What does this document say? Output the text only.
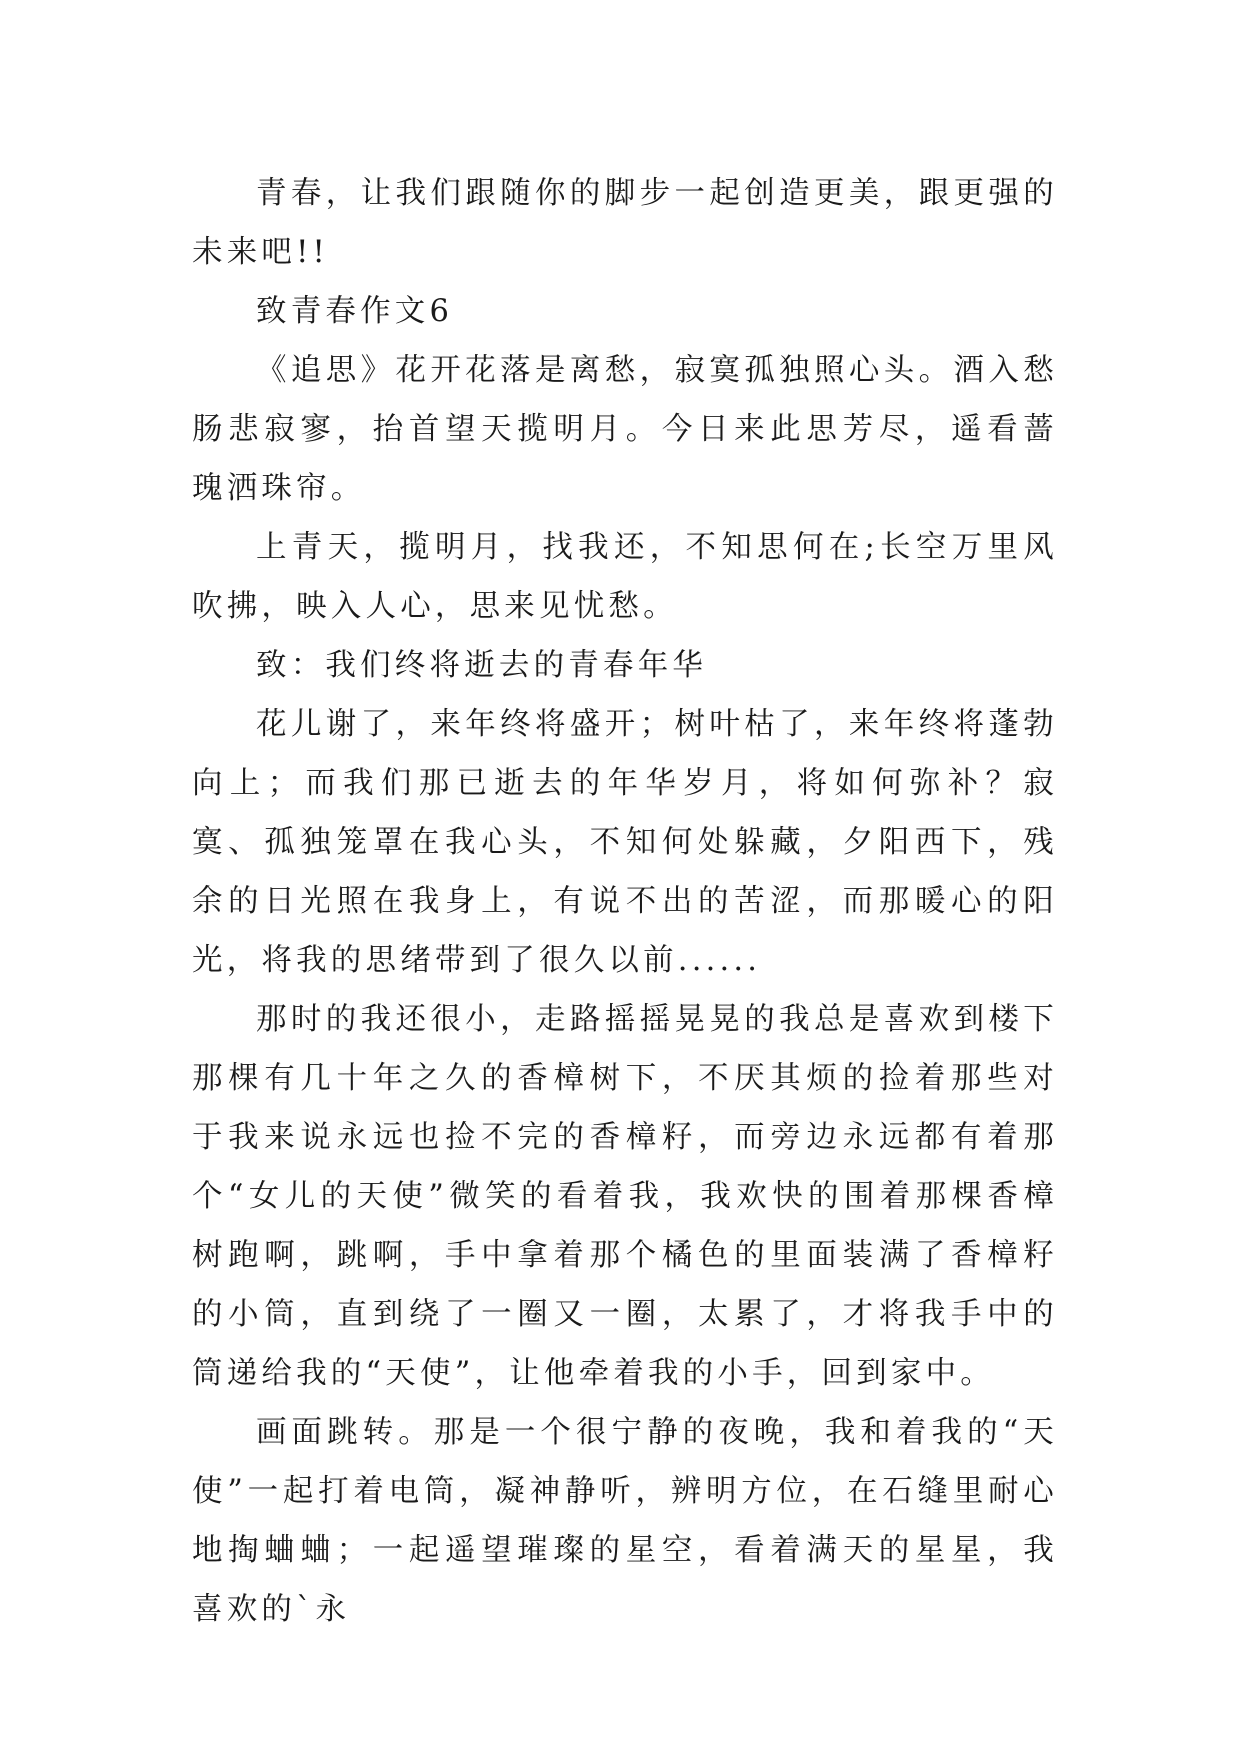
青春，让我们跟随你的脚步一起创造更美，跟更强的未来吧!!

致青春作文6

《追思》花开花落是离愁，寂寞孤独照心头。酒入愁肠悲寂寥，抬首望天揽明月。今日来此思芳尽，遥看蔷瑰洒珠帘。

上青天，揽明月，找我还，不知思何在;长空万里风吹拂，映入人心，思来见忧愁。

致：我们终将逝去的青春年华

花儿谢了，来年终将盛开；树叶枯了，来年终将蓬勃向上；而我们那已逝去的年华岁月，将如何弥补？寂寞、孤独笼罩在我心头，不知何处躲藏，夕阳西下，残余的日光照在我身上，有说不出的苦涩，而那暖心的阳光，将我的思绪带到了很久以前......

那时的我还很小，走路摇摇晃晃的我总是喜欢到楼下那棵有几十年之久的香樟树下，不厌其烦的捡着那些对于我来说永远也捡不完的香樟籽，而旁边永远都有着那个“女儿的天使”微笑的看着我，我欢快的围着那棵香樟树跑啊，跳啊，手中拿着那个橘色的里面装满了香樟籽的小筒，直到绕了一圈又一圈，太累了，才将我手中的筒递给我的“天使”，让他牵着我的小手，回到家中。

画面跳转。那是一个很宁静的夜晚，我和着我的“天使”一起打着电筒，凝神静听，辨明方位，在石缝里耐心地掏蛐蛐；一起遥望璀璨的星空，看着满天的星星，我喜欢的`永
